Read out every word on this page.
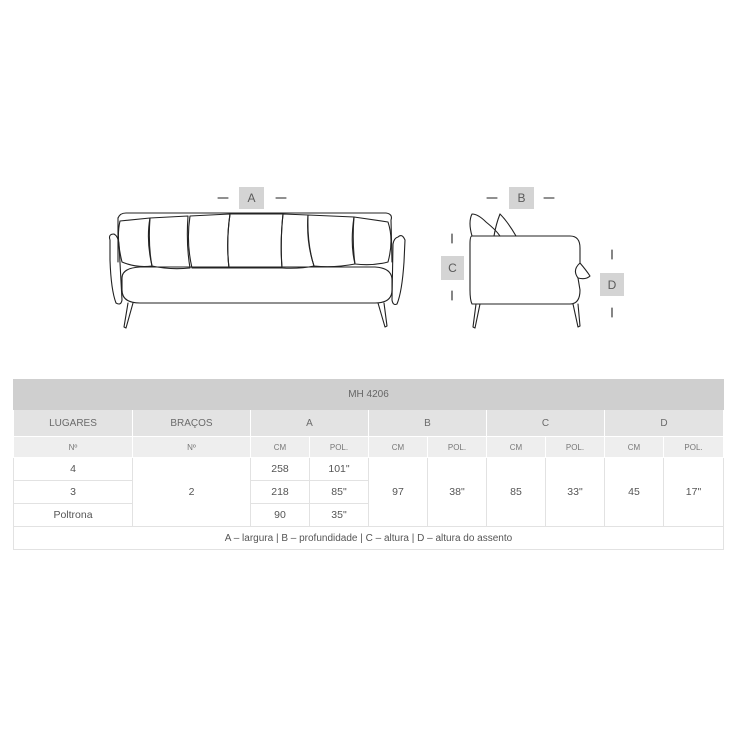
A	B
C
D
MH 4206									
LUGARES	BRAÇOS	A		B		C		D	
Nº	Nº	CM	POL.	CM	POL.	CM	POL.	CM	POL.
4	2	258	101"	97	38"	85	33"	45	17"
3		218	85"						
Poltrona		90	35"						
A – largura | B – profundidade | C – altura | D – altura do assento									
